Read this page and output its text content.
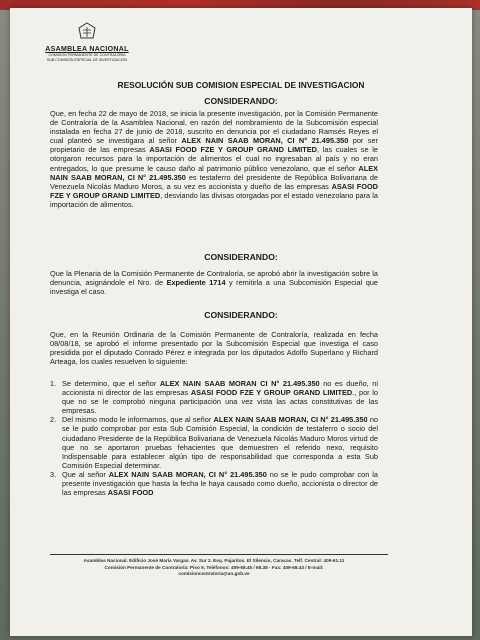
ASAMBLEA NACIONAL
COMISIÓN PERMANENTE DE CONTRALORÍA
SUB COMISIÓN ESPECIAL DE INVESTIGACIÓN
RESOLUCIÓN SUB COMISION ESPECIAL DE INVESTIGACION
CONSIDERANDO:
Que, en fecha 22 de mayo de 2018, se inicia la presente investigación, por la Comisión Permanente de Contraloría de la Asamblea Nacional, en razón del nombramiento de la Subcomisión especial instalada en fecha 27 de junio de 2018, suscrito en denuncia por el ciudadano Ramsés Reyes el cual planteó se investigara al señor ALEX NAIN SAAB MORAN, CI N° 21.495.350 por ser propietario de las empresas ASASI FOOD FZE Y GROUP GRAND LIMITED, las cuales se le otorgaron recursos para la importación de alimentos el cual no ingresaban al país y no eran entregados, lo que presume le causo daño al patrimonio público venezolano, que el señor ALEX NAIN SAAB MORAN, CI N° 21.495.350 es testaferro del presidente de República Bolivariana de Venezuela Nicolás Maduro Moros, a su vez es accionista y dueño de las empresas ASASI FOOD FZE Y GROUP GRAND LIMITED, desviando las divisas otorgadas por el estado venezolano para la importación de alimentos.
CONSIDERANDO:
Que la Plenaria de la Comisión Permanente de Contraloría, se aprobó abrir la investigación sobre la denuncia, asignándole el Nro. de Expediente 1714 y remitirla a una Subcomisión Especial que investiga el caso.
CONSIDERANDO:
Que, en la Reunión Ordinaria de la Comisión Permanente de Contraloría, realizada en fecha 08/08/18, se aprobó el informe presentado por la Subcomisión Especial que investiga el caso presidida por el diputado Conrado Pérez e integrada por los diputados Adolfo Superlano y Richard Arteaga, los cuales resuelven lo siguiente:

1. Se determino, que el señor ALEX NAIN SAAB MORAN CI N° 21.495.350 no es dueño, ni accionista ni director de las empresas ASASI FOOD FZE Y GROUP GRAND LIMITED., por lo que no se le comprobó ninguna participación una vez vista las actas constitutivas de las empresas.

2. Del mismo modo le informamos, que al señor ALEX NAIN SAAB MORAN, CI N° 21.495.350 no se le pudo comprobar por esta Sub Comisión Especial, la condición de testaferro o socio del ciudadano Presidente de la República Bolivariana de Venezuela Nicolás Maduro Moros virtud de que no se aportaron pruebas fehacientes que demuestren el referido nexo, requisito Indispensable para establecer algún tipo de responsabilidad que corresponda a esta Sub Comisión Especial determinar.

3. Que al señor ALEX NAIN SAAB MORAN, CI N° 21.495.350 no se le pudo comprobar con la presente investigación que hasta la fecha le haya causado como dueño, accionista o director de las empresas ASASI FOOD

Asamblea Nacional. Edificio José María Vargas. Av. Sur 2. Esq. Pajaritos. El Silencio, Caracas. Telf. Central: 409-61.11
Comisión Permanente de Contraloría: Piso 9, Teléfonos: 409-68.45 / 68.38 - Fax: 409-68.43 / E-mail:
comisioncontraloria@an.gob.ve
